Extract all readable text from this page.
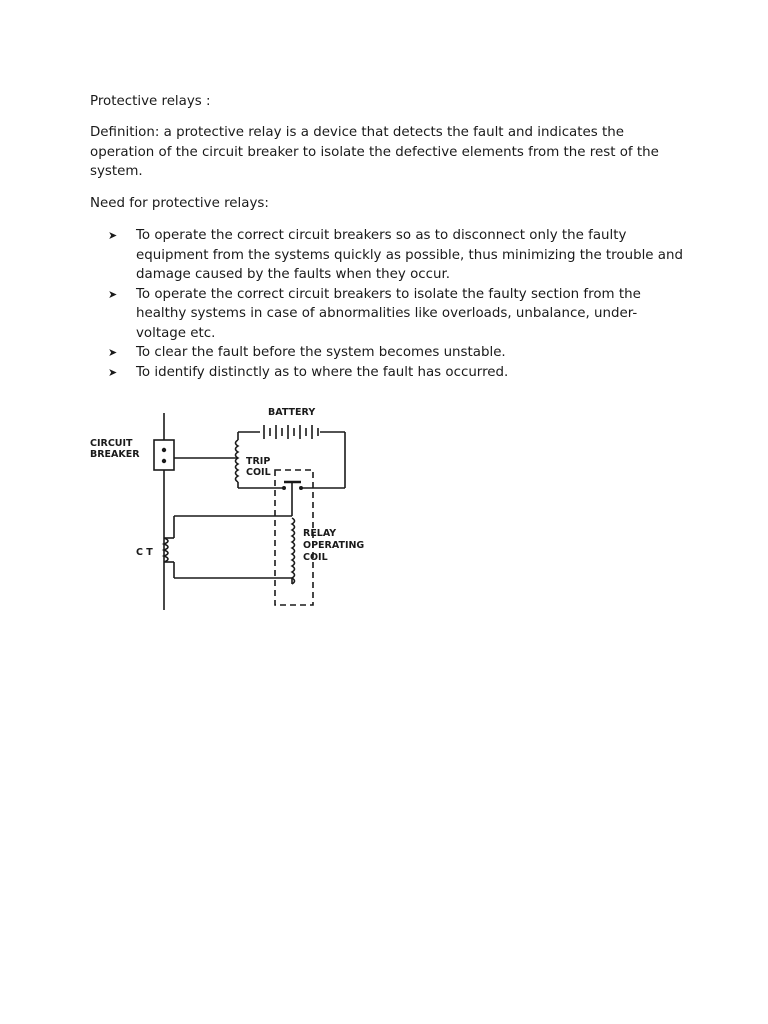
Protective relays :
Definition: a protective relay is a device that detects the fault and indicates the operation of the circuit breaker to isolate the defective elements from the rest of the system.
Need for protective relays:
➤ To operate the correct circuit breakers so as to disconnect only the faulty equipment from the systems quickly as possible, thus minimizing the trouble and damage caused by the faults when they occur.
➤ To operate the correct circuit breakers to isolate the faulty section from the healthy systems in case of abnormalities like overloads, unbalance, under-voltage etc.
➤ To clear the fault before the system becomes unstable.
➤ To identify distinctly as to where the fault has occurred.
BATTERY
CIRCUIT
BREAKER
TRIP
COIL
C T
RELAY
OPERATING
COIL
